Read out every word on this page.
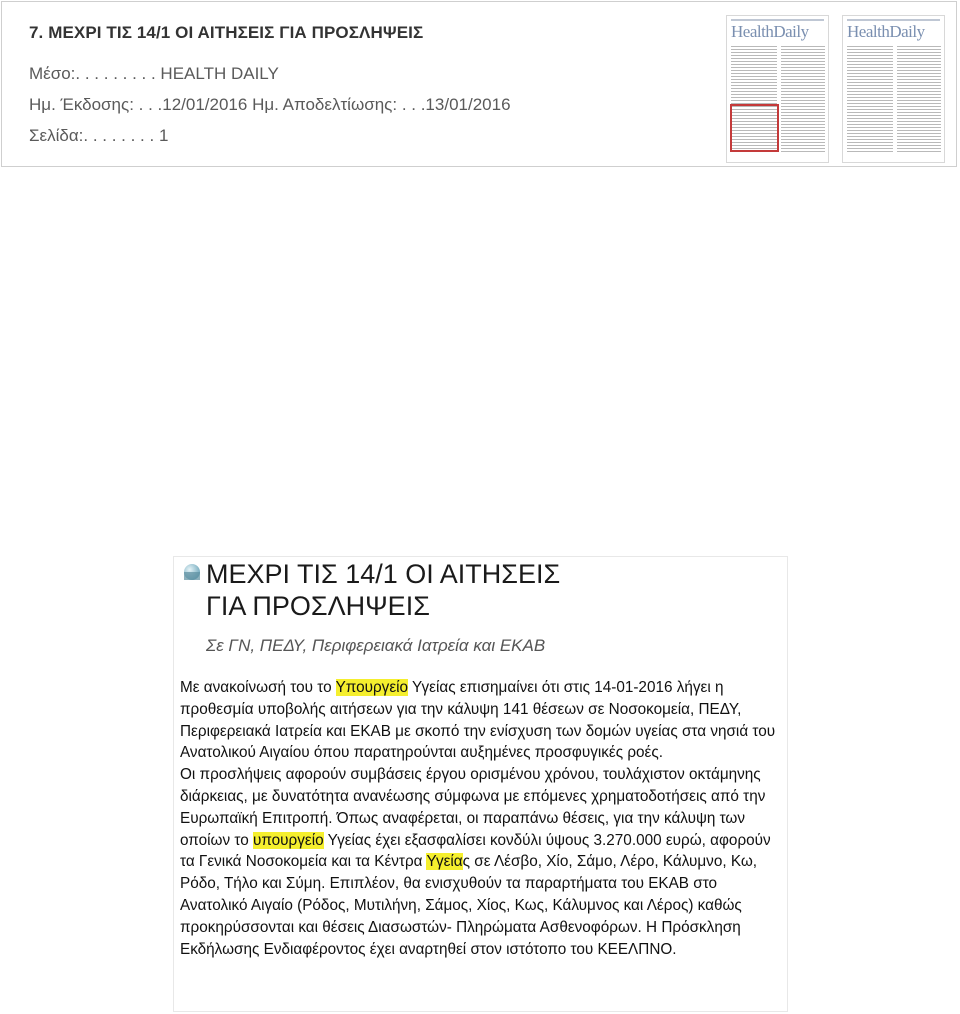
7. ΜΕΧΡΙ ΤΙΣ 14/1 ΟΙ ΑΙΤΗΣΕΙΣ ΓΙΑ ΠΡΟΣΛΗΨΕΙΣ
Μέσο:. . . . . . . . . HEALTH DAILY
Ημ. Έκδοσης: . . .12/01/2016 Ημ. Αποδελτίωσης: . . .13/01/2016
Σελίδα:. . . . . . . . 1
HealthDaily HealthDaily
ΜΕΧΡΙ ΤΙΣ 14/1 ΟΙ ΑΙΤΗΣΕΙΣ
ΓΙΑ ΠΡΟΣΛΗΨΕΙΣ
Σε ΓΝ, ΠΕΔΥ, Περιφερειακά Ιατρεία και ΕΚΑΒ

Με ανακοίνωσή του το Υπουργείο Υγείας επισημαίνει ότι στις 14-01-2016 λήγει η προθεσμία υποβολής αιτήσεων για την κάλυψη 141 θέσεων σε Νοσοκομεία, ΠΕΔΥ, Περιφερειακά Ιατρεία και ΕΚΑΒ με σκοπό την ενίσχυση των δομών υγείας στα νησιά του Ανατολικού Αιγαίου όπου παρατηρούνται αυξημένες προσφυγικές ροές.

Οι προσλήψεις αφορούν συμβάσεις έργου ορισμένου χρόνου, τουλάχιστον οκτάμηνης διάρκειας, με δυνατότητα ανανέωσης σύμφωνα με επόμενες χρηματοδοτήσεις από την Ευρωπαϊκή Επιτροπή. Όπως αναφέρεται, οι παραπάνω θέσεις, για την κάλυψη των οποίων το υπουργείο Υγείας έχει εξασφαλίσει κονδύλι ύψους 3.270.000 ευρώ, αφορούν τα Γενικά Νοσοκομεία και τα Κέντρα Υγείας σε Λέσβο, Χίο, Σάμο, Λέρο, Κάλυμνο, Κω, Ρόδο, Τήλο και Σύμη. Επιπλέον, θα ενισχυθούν τα παραρτήματα του ΕΚΑΒ στο Ανατολικό Αιγαίο (Ρόδος, Μυτιλήνη, Σάμος, Χίος, Κως, Κάλυμνος και Λέρος) καθώς προκηρύσσονται και θέσεις Διασωστών- Πληρώματα Ασθενοφόρων. Η Πρόσκληση Εκδήλωσης Ενδιαφέροντος έχει αναρτηθεί στον ιστότοπο του ΚΕΕΛΠΝΟ.
